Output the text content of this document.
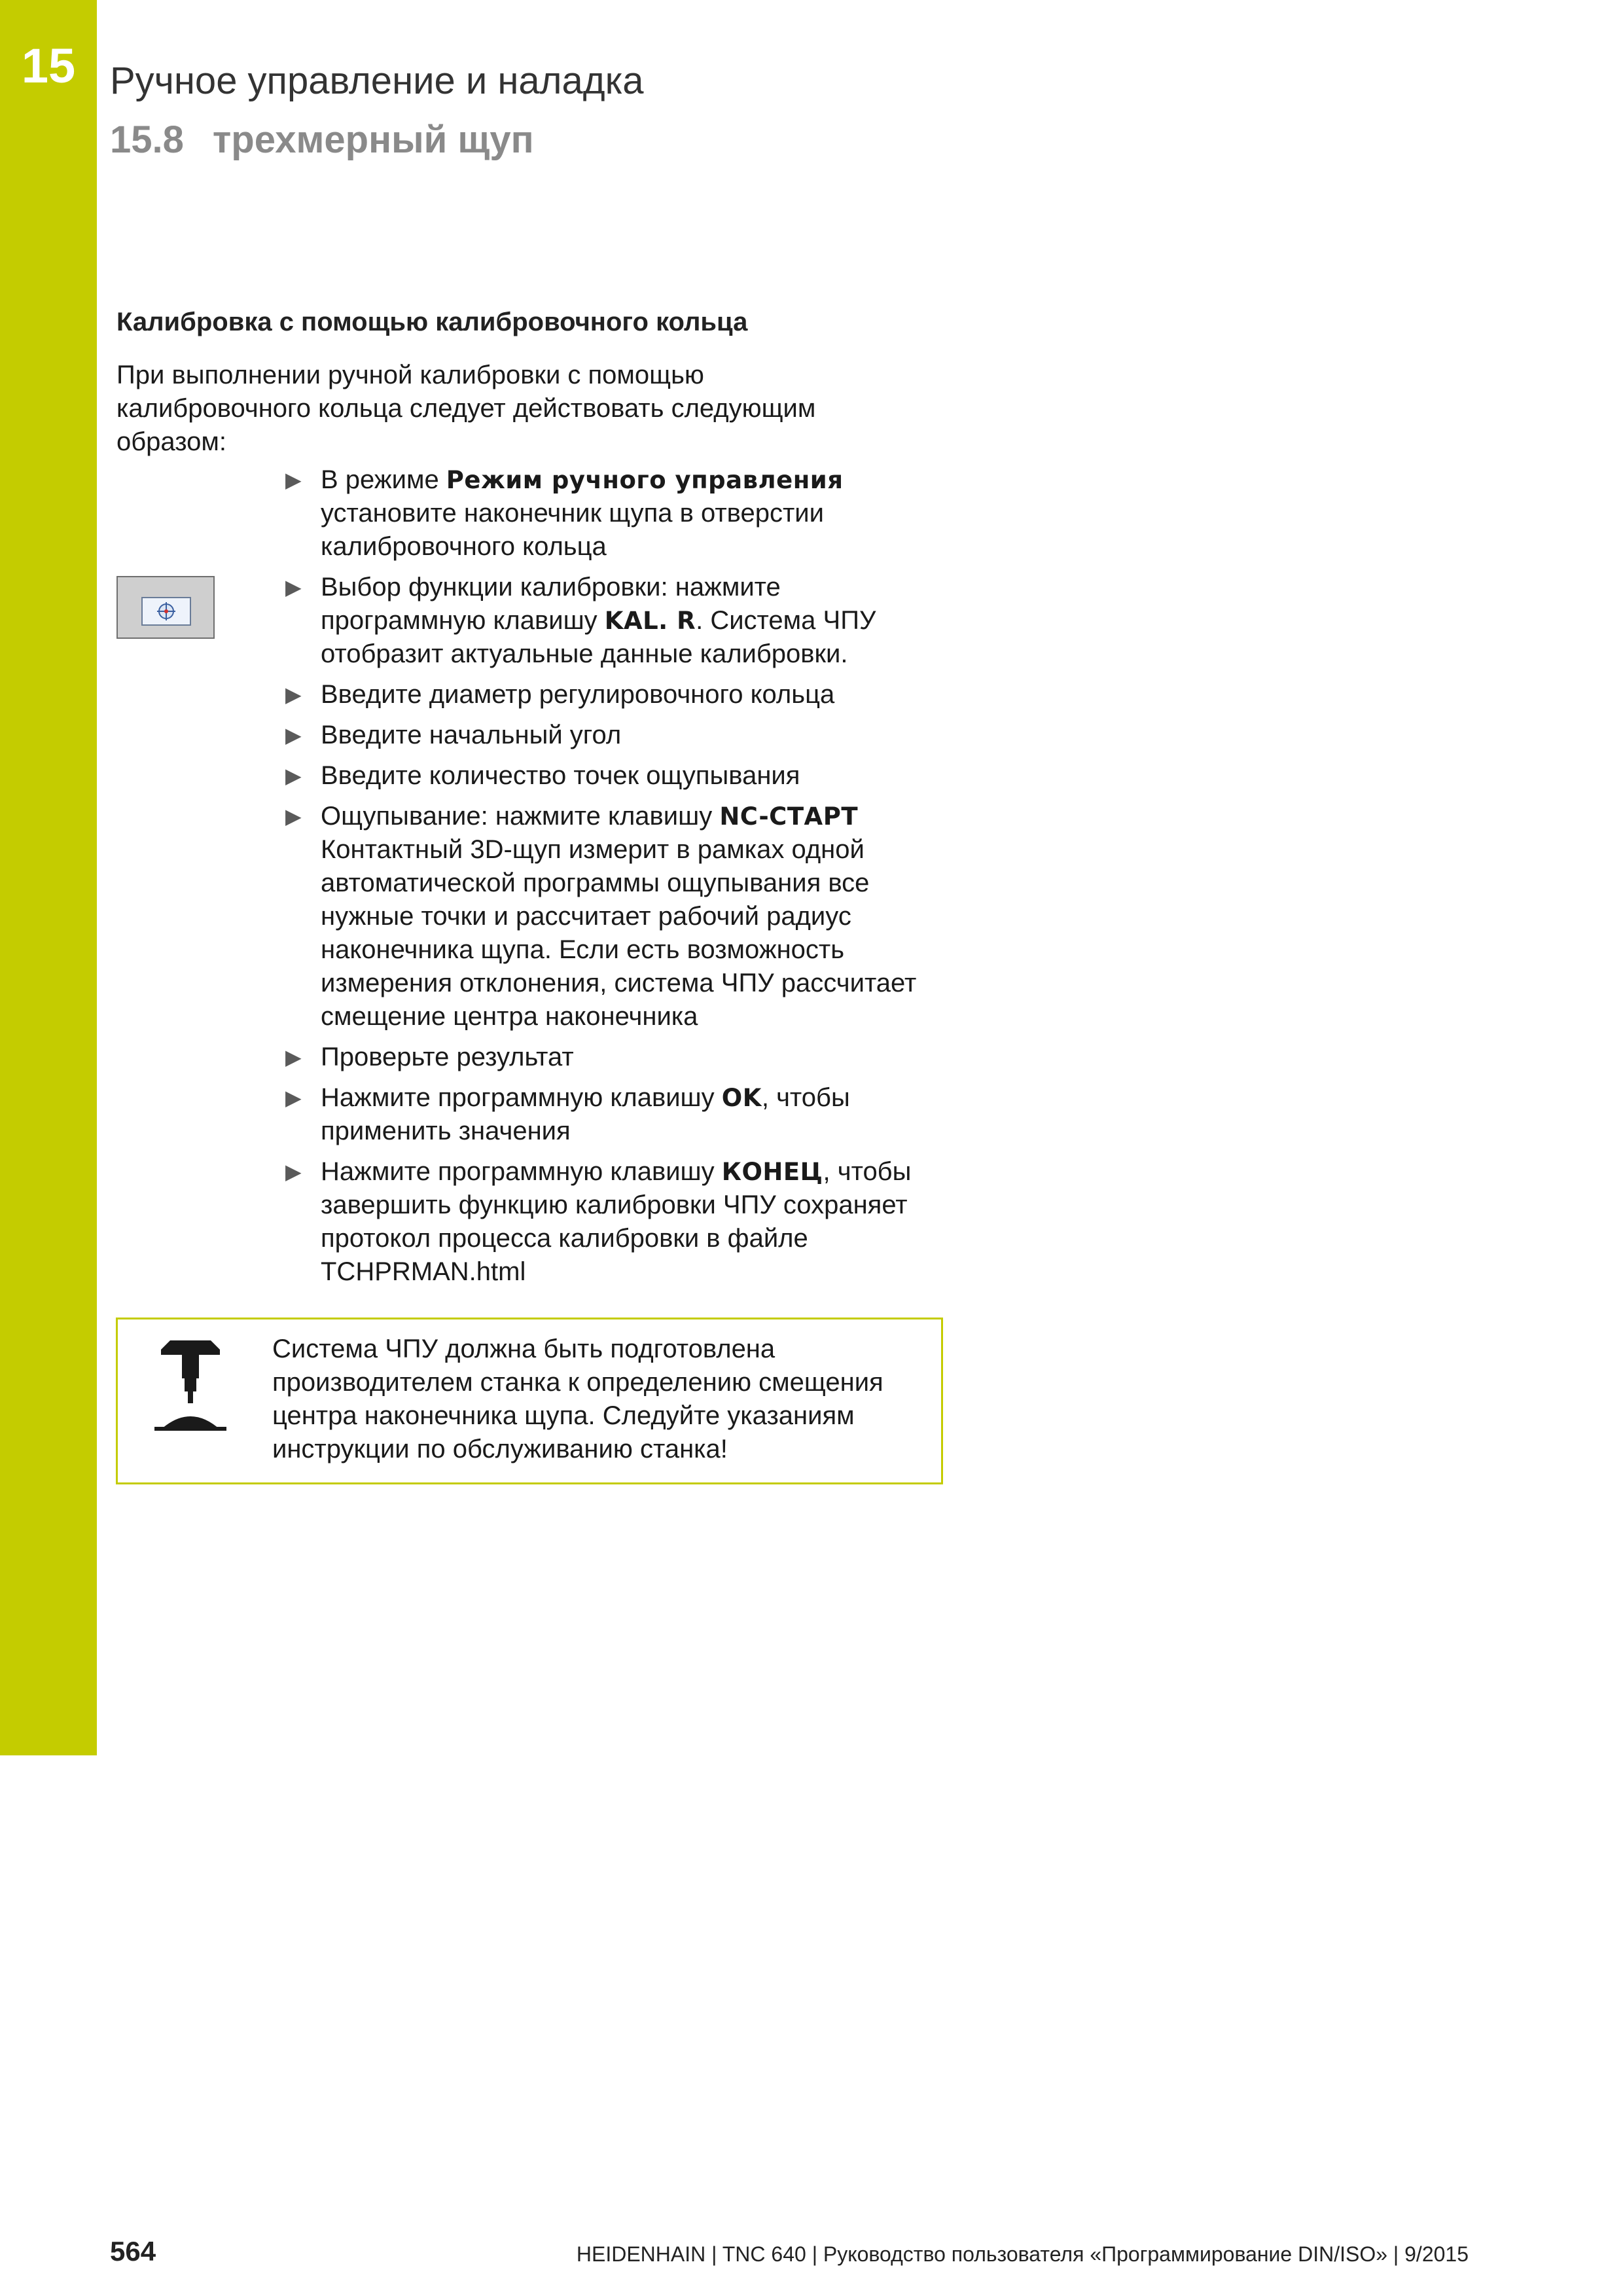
15 Ручное управление и наладка
15.8 трехмерный щуп
Калибровка с помощью калибровочного кольца

При выполнении ручной калибровки с помощью калибровочного кольца следует действовать следующим образом:

▶ В режиме Режим ручного управления установите наконечник щупа в отверстии калибровочного кольца
▶ Выбор функции калибровки: нажмите программную клавишу KAL. R. Система ЧПУ отобразит актуальные данные калибровки.
▶ Введите диаметр регулировочного кольца
▶ Введите начальный угол
▶ Введите количество точек ощупывания
▶ Ощупывание: нажмите клавишу NC-СТАРТ Контактный 3D-щуп измерит в рамках одной автоматической программы ощупывания все нужные точки и рассчитает рабочий радиус наконечника щупа. Если есть возможность измерения отклонения, система ЧПУ рассчитает смещение центра наконечника
▶ Проверьте результат
▶ Нажмите программную клавишу OK, чтобы применить значения
▶ Нажмите программную клавишу КОНЕЦ, чтобы завершить функцию калибровки ЧПУ сохраняет протокол процесса калибровки в файле TCHPRMAN.html

Система ЧПУ должна быть подготовлена производителем станка к определению смещения центра наконечника щупа. Следуйте указаниям инструкции по обслуживанию станка!

564	HEIDENHAIN | TNC 640 | Руководство пользователя «Программирование DIN/ISO» | 9/2015
